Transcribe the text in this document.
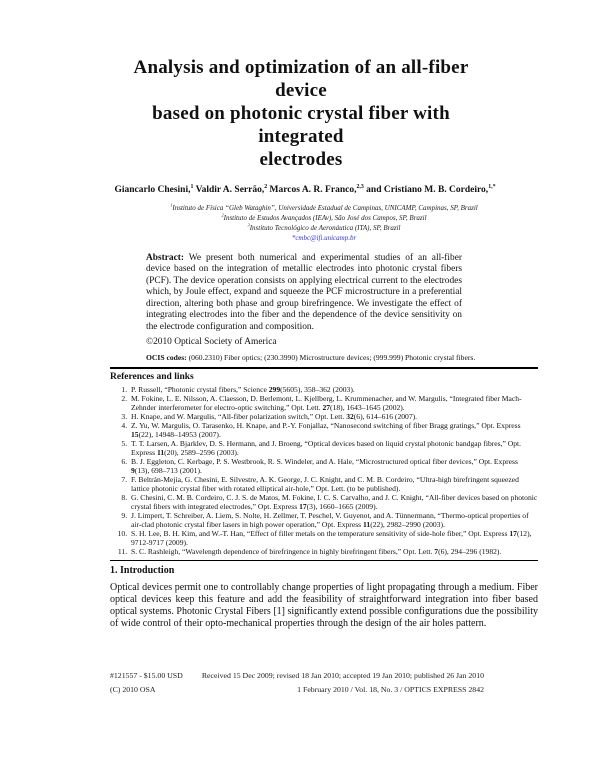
Analysis and optimization of an all-fiber device
based on photonic crystal fiber with integrated
electrodes
Giancarlo Chesini,$^1$ Valdir A. Serrão,$^2$ Marcos A. R. Franco,$^{2,3}$ and Cristiano M. B. Cordeiro,$^{1,*}$
$^1$Instituto de Física “Gleb Wataghin”, Universidade Estadual de Campinas, UNICAMP, Campinas, SP, Brazil
$^2$Instituto de Estudos Avançados (IEAv), São José dos Campos, SP, Brazil
$^3$Instituto Tecnológico de Aeronáutica (ITA), SP, Brazil
*cmbc@ifi.unicamp.br
Abstract: We present both numerical and experimental studies of an all-fiber device based on the integration of metallic electrodes into photonic crystal fibers (PCF). The device operation consists on applying electrical current to the electrodes which, by Joule effect, expand and squeeze the PCF microstructure in a preferential direction, altering both phase and group birefringence. We investigate the effect of integrating electrodes into the fiber and the dependence of the device sensitivity on the electrode configuration and composition.
©2010 Optical Society of America
OCIS codes: (060.2310) Fiber optics; (230.3990) Microstructure devices; (999.999) Photonic crystal fibers.
References and links
1. P. Russell, “Photonic crystal fibers,” Science 299(5605), 358–362 (2003).
2. M. Fokine, L. E. Nilsson, A. Claesson, D. Berlemont, L. Kjellberg, L. Krummenacher, and W. Margulis, “Integrated fiber Mach-Zehnder interferometer for electro-optic switching,” Opt. Lett. 27(18), 1643–1645 (2002).
3. H. Knape, and W. Margulis, “All-fiber polarization switch,” Opt. Lett. 32(6), 614–616 (2007).
4. Z. Yu, W. Margulis, O. Tarasenko, H. Knape, and P.-Y. Fonjallaz, “Nanosecond switching of fiber Bragg gratings,” Opt. Express 15(22), 14948–14953 (2007).
5. T. T. Larsen, A. Bjarklev, D. S. Hermann, and J. Broeng, “Optical devices based on liquid crystal photonic bandgap fibres,” Opt. Express 11(20), 2589–2596 (2003).
6. B. J. Eggleton, C. Kerbage, P. S. Westbrook, R. S. Windeler, and A. Hale, “Microstructured optical fiber devices,” Opt. Express 9(13), 698–713 (2001).
7. F. Beltrán-Mejía, G. Chesini, E. Silvestre, A. K. George, J. C. Knight, and C. M. B. Cordeiro, “Ultra-high birefringent squeezed lattice photonic crystal fiber with rotated elliptical air-hole,” Opt. Lett. (to be published).
8. G. Chesini, C. M. B. Cordeiro, C. J. S. de Matos, M. Fokine, I. C. S. Carvalho, and J. C. Knight, “All-fiber devices based on photonic crystal fibers with integrated electrodes,” Opt. Express 17(3), 1660–1665 (2009).
9. J. Limpert, T. Schreiber, A. Liem, S. Nolte, H. Zellmer, T. Peschel, V. Guyenot, and A. Tünnermann, “Thermo-optical properties of air-clad photonic crystal fiber lasers in high power operation,” Opt. Express 11(22), 2982–2990 (2003).
10. S. H. Lee, B. H. Kim, and W.-T. Han, “Effect of filler metals on the temperature sensitivity of side-hole fiber,” Opt. Express 17(12), 9712-9717 (2009).
11. S. C. Rashleigh, “Wavelength dependence of birefringence in highly birefringent fibers,” Opt. Lett. 7(6), 294–296 (1982).
1. Introduction
Optical devices permit one to controllably change properties of light propagating through a medium. Fiber optical devices keep this feature and add the feasibility of straightforward integration into fiber based optical systems. Photonic Crystal Fibers [1] significantly extend possible configurations due the possibility of wide control of their opto-mechanical properties through the design of the air holes pattern.
#121557 - $15.00 USD Received 15 Dec 2009; revised 18 Jan 2010; accepted 19 Jan 2010; published 26 Jan 2010
(C) 2010 OSA	1 February 2010 / Vol. 18, No. 3 / OPTICS EXPRESS 2842
